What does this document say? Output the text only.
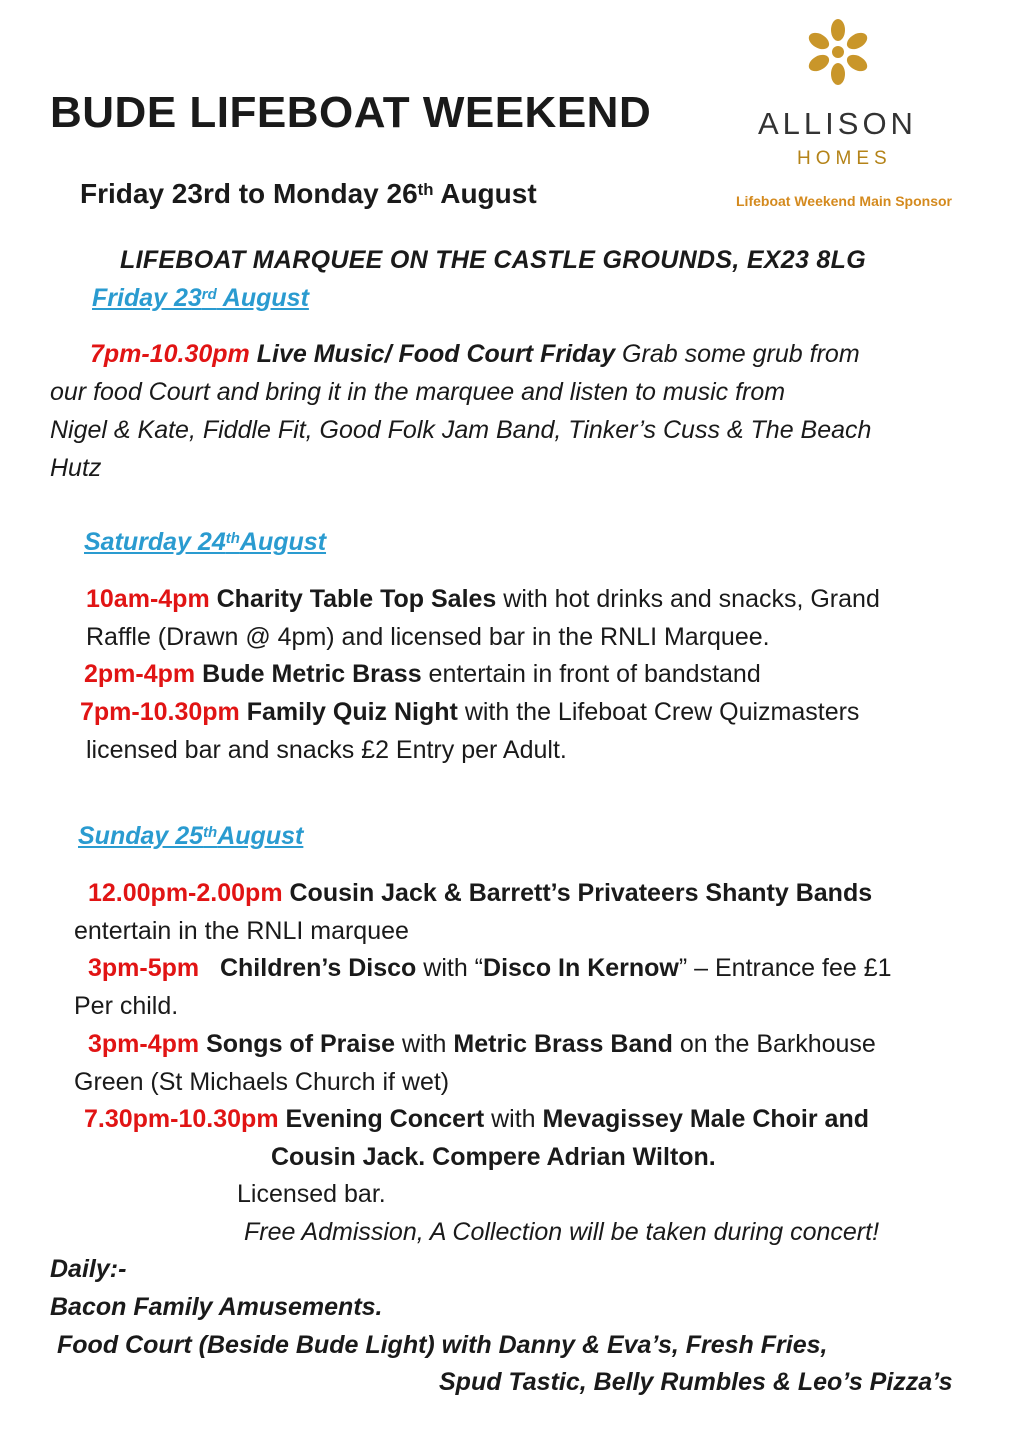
BUDE LIFEBOAT WEEKEND
Friday 23rd to Monday 26th August
ALLISON
HOMES
Lifeboat Weekend Main Sponsor
LIFEBOAT MARQUEE ON THE CASTLE GROUNDS, EX23 8LG
Friday 23rd August
7pm-10.30pm Live Music/ Food Court Friday Grab some grub from
our food Court and bring it in the marquee and listen to music from
Nigel & Kate, Fiddle Fit, Good Folk Jam Band, Tinker’s Cuss & The Beach
Hutz
Saturday 24thAugust
10am-4pm Charity Table Top Sales with hot drinks and snacks, Grand
Raffle (Drawn @ 4pm) and licensed bar in the RNLI Marquee.
2pm-4pm Bude Metric Brass entertain in front of bandstand
7pm-10.30pm Family Quiz Night with the Lifeboat Crew Quizmasters
licensed bar and snacks £2 Entry per Adult.
Sunday 25thAugust
12.00pm-2.00pm Cousin Jack & Barrett’s Privateers Shanty Bands
entertain in the RNLI marquee
3pm-5pm   Children’s Disco with “Disco In Kernow” – Entrance fee £1
Per child.
3pm-4pm Songs of Praise with Metric Brass Band on the Barkhouse
Green (St Michaels Church if wet)
7.30pm-10.30pm Evening Concert with Mevagissey Male Choir and
Cousin Jack. Compere Adrian Wilton.
Licensed bar.
Free Admission, A Collection will be taken during concert!
Daily:-
Bacon Family Amusements.
Food Court (Beside Bude Light) with Danny & Eva’s, Fresh Fries,
Spud Tastic, Belly Rumbles & Leo’s Pizza’s
